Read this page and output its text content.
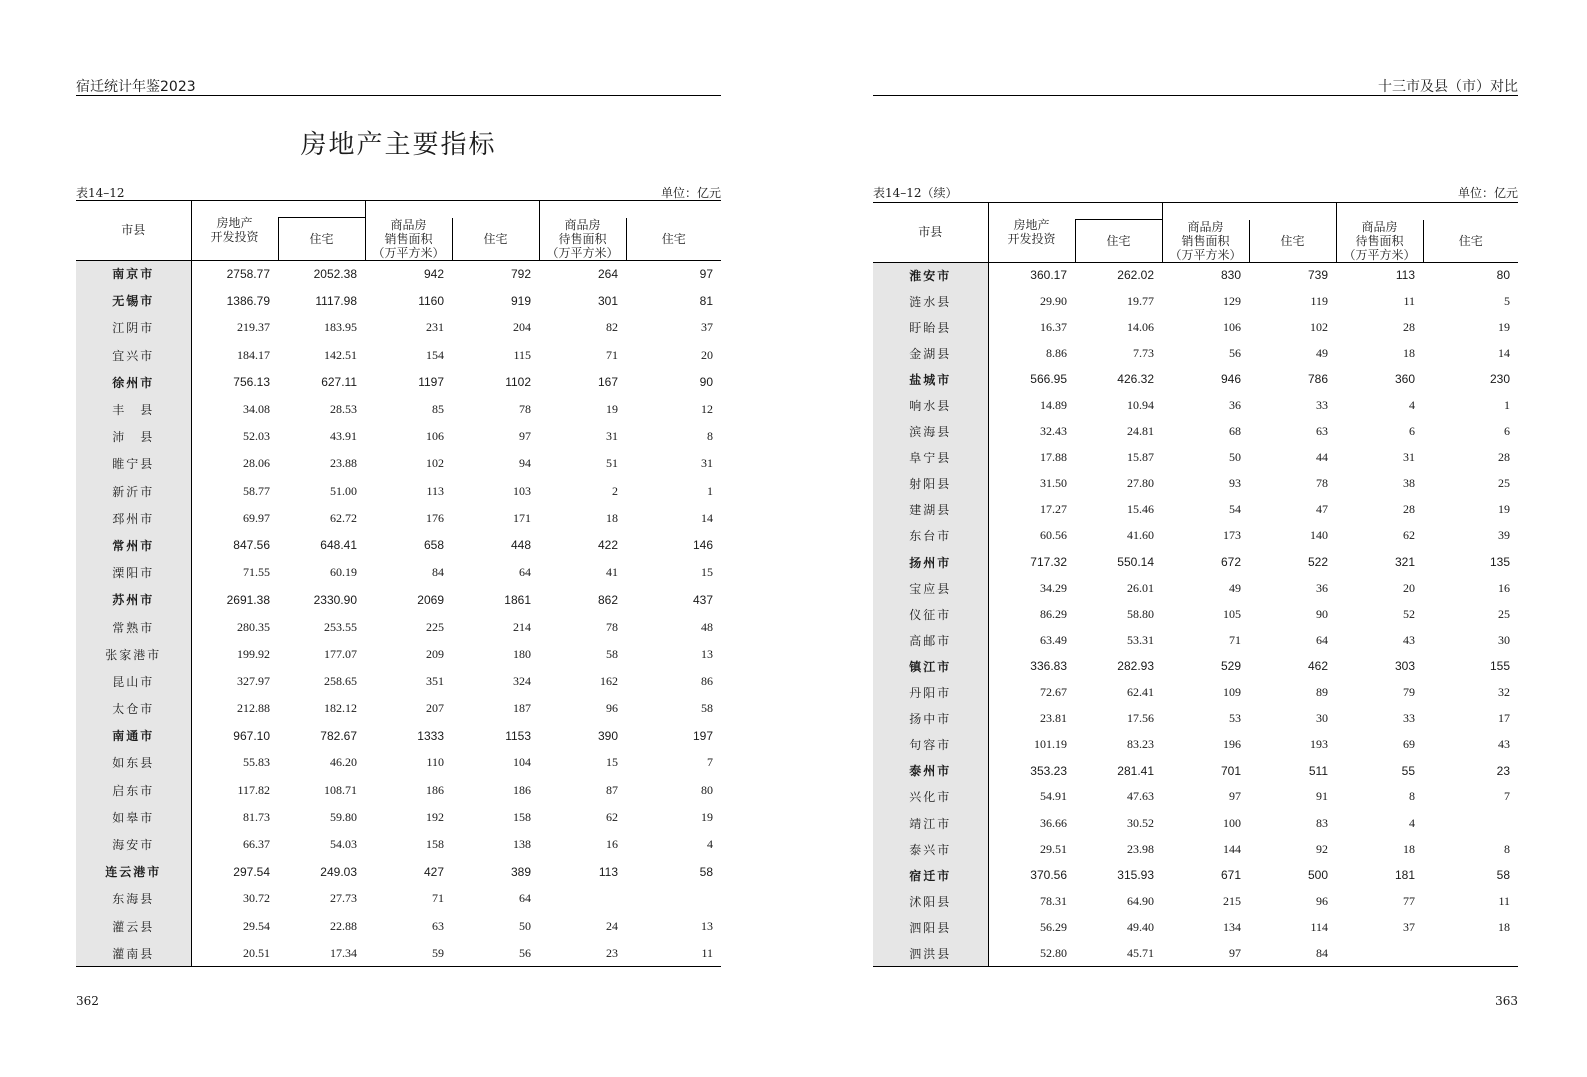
宿迁统计年鉴2023
房地产主要指标
表14–12	单位：亿元
市县	房地产
开发投资					
		住宅	商品房
销售面积
（万平方米）	住宅	商品房
待售面积
（万平方米）	住宅
南京市	2758.77	2052.38	942	792	264	97
无锡市	1386.79	1117.98	1160	919	301	81
江阴市	219.37	183.95	231	204	82	37
宜兴市	184.17	142.51	154	115	71	20
徐州市	756.13	627.11	1197	1102	167	90
丰　县	34.08	28.53	85	78	19	12
沛　县	52.03	43.91	106	97	31	8
睢宁县	28.06	23.88	102	94	51	31
新沂市	58.77	51.00	113	103	2	1
邳州市	69.97	62.72	176	171	18	14
常州市	847.56	648.41	658	448	422	146
溧阳市	71.55	60.19	84	64	41	15
苏州市	2691.38	2330.90	2069	1861	862	437
常熟市	280.35	253.55	225	214	78	48
张家港市	199.92	177.07	209	180	58	13
昆山市	327.97	258.65	351	324	162	86
太仓市	212.88	182.12	207	187	96	58
南通市	967.10	782.67	1333	1153	390	197
如东县	55.83	46.20	110	104	15	7
启东市	117.82	108.71	186	186	87	80
如皋市	81.73	59.80	192	158	62	19
海安市	66.37	54.03	158	138	16	4
连云港市	297.54	249.03	427	389	113	58
东海县	30.72	27.73	71	64		
灌云县	29.54	22.88	63	50	24	13
灌南县	20.51	17.34	59	56	23	11
362
十三市及县（市）对比
表14–12（续）	单位：亿元
市县	房地产
开发投资					
		住宅	商品房
销售面积
（万平方米）	住宅	商品房
待售面积
（万平方米）	住宅
淮安市	360.17	262.02	830	739	113	80
涟水县	29.90	19.77	129	119	11	5
盱眙县	16.37	14.06	106	102	28	19
金湖县	8.86	7.73	56	49	18	14
盐城市	566.95	426.32	946	786	360	230
响水县	14.89	10.94	36	33	4	1
滨海县	32.43	24.81	68	63	6	6
阜宁县	17.88	15.87	50	44	31	28
射阳县	31.50	27.80	93	78	38	25
建湖县	17.27	15.46	54	47	28	19
东台市	60.56	41.60	173	140	62	39
扬州市	717.32	550.14	672	522	321	135
宝应县	34.29	26.01	49	36	20	16
仪征市	86.29	58.80	105	90	52	25
高邮市	63.49	53.31	71	64	43	30
镇江市	336.83	282.93	529	462	303	155
丹阳市	72.67	62.41	109	89	79	32
扬中市	23.81	17.56	53	30	33	17
句容市	101.19	83.23	196	193	69	43
泰州市	353.23	281.41	701	511	55	23
兴化市	54.91	47.63	97	91	8	7
靖江市	36.66	30.52	100	83	4	
泰兴市	29.51	23.98	144	92	18	8
宿迁市	370.56	315.93	671	500	181	58
沭阳县	78.31	64.90	215	96	77	11
泗阳县	56.29	49.40	134	114	37	18
泗洪县	52.80	45.71	97	84		
363
